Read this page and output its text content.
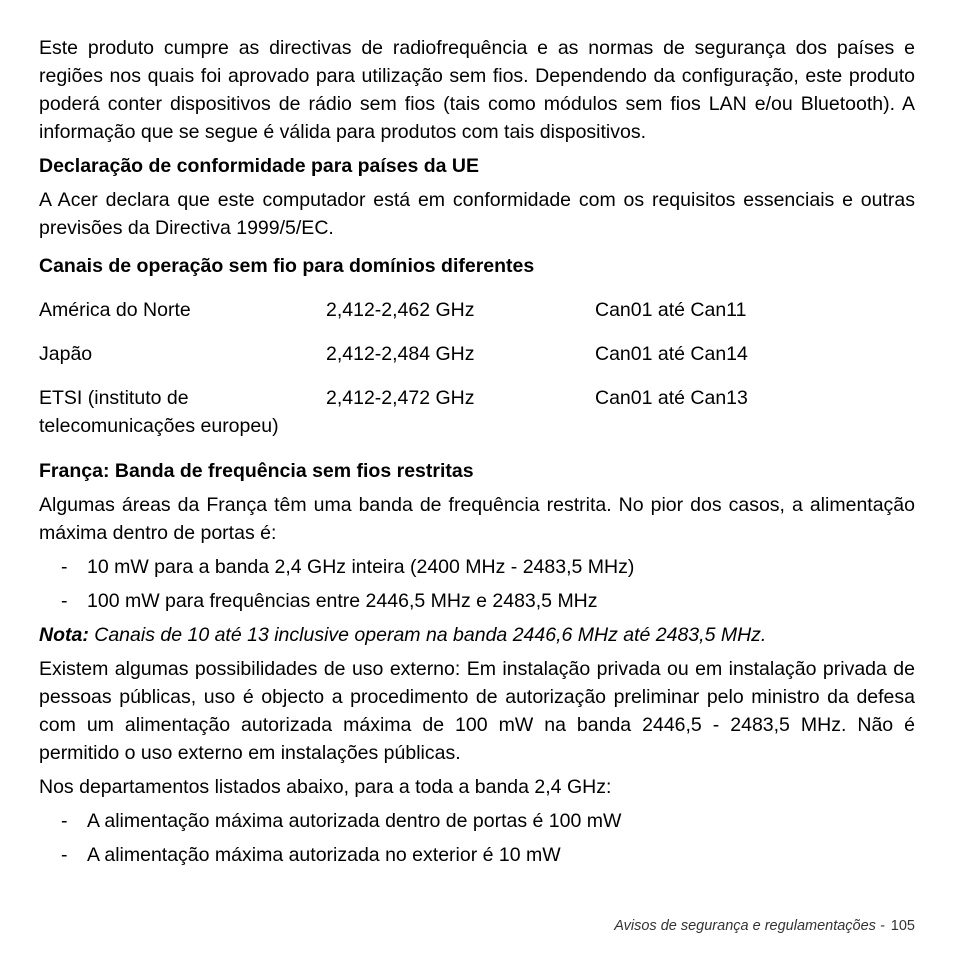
Este produto cumpre as directivas de radiofrequência e as normas de segurança dos países e regiões nos quais foi aprovado para utilização sem fios. Dependendo da configuração, este produto poderá conter dispositivos de rádio sem fios (tais como módulos sem fios LAN e/ou Bluetooth). A informação que se segue é válida para produtos com tais dispositivos.

Declaração de conformidade para países da UE

A Acer declara que este computador está em conformidade com os requisitos essenciais e outras previsões da Directiva 1999/5/EC.

Canais de operação sem fio para domínios diferentes
América do Norte	2,412-2,462 GHz	Can01 até Can11
Japão	2,412-2,484 GHz	Can01 até Can14
ETSI (instituto de telecomunicações europeu)	2,412-2,472 GHz	Can01 até Can13
França: Banda de frequência sem fios restritas

Algumas áreas da França têm uma banda de frequência restrita. No pior dos casos, a alimentação máxima dentro de portas é:

- 10 mW para a banda 2,4 GHz inteira (2400 MHz - 2483,5 MHz)
- 100 mW para frequências entre 2446,5 MHz e 2483,5 MHz

Nota: Canais de 10 até 13 inclusive operam na banda 2446,6 MHz até 2483,5 MHz.

Existem algumas possibilidades de uso externo: Em instalação privada ou em instalação privada de pessoas públicas, uso é objecto a procedimento de autorização preliminar pelo ministro da defesa com um alimentação autorizada máxima de 100 mW na banda 2446,5 - 2483,5 MHz. Não é permitido o uso externo em instalações públicas.

Nos departamentos listados abaixo, para a toda a banda 2,4 GHz:

- A alimentação máxima autorizada dentro de portas é 100 mW
- A alimentação máxima autorizada no exterior é 10 mW
Avisos de segurança e regulamentações - 105
